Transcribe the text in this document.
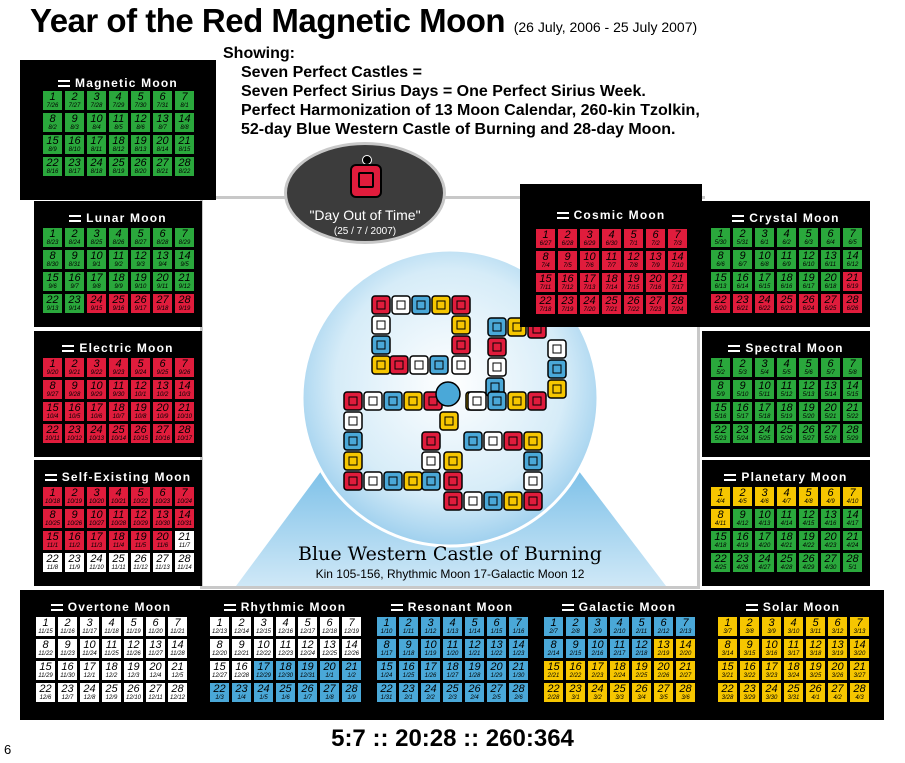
Year of the Red Magnetic Moon (26 July, 2006 - 25 July 2007)
Showing:
Seven Perfect Castles =
Seven Perfect Sirius Days = One Perfect Sirius Week.
Perfect Harmonization of 13 Moon Calendar, 260-kin Tzolkin,
52-day Blue Western Castle of Burning and 28-day Moon.
"Day Out of Time"
(25 / 7 / 2007)
Blue Western Castle of Burning
Kin 105-156, Rhythmic Moon 17-Galactic Moon 12
Magnetic Moon
1
7/26
2
7/27
3
7/28
4
7/29
5
7/30
6
7/31
7
8/1
8
8/2
9
8/3
10
8/4
11
8/5
12
8/6
13
8/7
14
8/8
15
8/9
16
8/10
17
8/11
18
8/12
19
8/13
20
8/14
21
8/15
22
8/16
23
8/17
24
8/18
25
8/19
26
8/20
27
8/21
28
8/22
Lunar Moon
1
8/23
2
8/24
3
8/25
4
8/26
5
8/27
6
8/28
7
8/29
8
8/30
9
8/31
10
9/1
11
9/2
12
9/3
13
9/4
14
9/5
15
9/6
16
9/7
17
9/8
18
9/9
19
9/10
20
9/11
21
9/12
22
9/13
23
9/14
24
9/15
25
9/16
26
9/17
27
9/18
28
9/19
Electric Moon
1
9/20
2
9/21
3
9/22
4
9/23
5
9/24
6
9/25
7
9/26
8
9/27
9
9/28
10
9/29
11
9/30
12
10/1
13
10/2
14
10/3
15
10/4
16
10/5
17
10/6
18
10/7
19
10/8
20
10/9
21
10/10
22
10/11
23
10/12
24
10/13
25
10/14
26
10/15
27
10/16
28
10/17
Self-Existing Moon
1
10/18
2
10/19
3
10/20
4
10/21
5
10/22
6
10/23
7
10/24
8
10/25
9
10/26
10
10/27
11
10/28
12
10/29
13
10/30
14
10/31
15
11/1
16
11/2
17
11/3
18
11/4
19
11/5
20
11/6
21
11/7
22
11/8
23
11/9
24
11/10
25
11/11
26
11/12
27
11/13
28
11/14
Overtone Moon
1
11/15
2
11/16
3
11/17
4
11/18
5
11/19
6
11/20
7
11/21
8
11/22
9
11/23
10
11/24
11
11/25
12
11/26
13
11/27
14
11/28
15
11/29
16
11/30
17
12/1
18
12/2
19
12/3
20
12/4
21
12/5
22
12/6
23
12/7
24
12/8
25
12/9
26
12/10
27
12/11
28
12/12
Rhythmic Moon
1
12/13
2
12/14
3
12/15
4
12/16
5
12/17
6
12/18
7
12/19
8
12/20
9
12/21
10
12/22
11
12/23
12
12/24
13
12/25
14
12/26
15
12/27
16
12/28
17
12/29
18
12/30
19
12/31
20
1/1
21
1/2
22
1/3
23
1/4
24
1/5
25
1/6
26
1/7
27
1/8
28
1/9
Resonant Moon
1
1/10
2
1/11
3
1/12
4
1/13
5
1/14
6
1/15
7
1/16
8
1/17
9
1/18
10
1/19
11
1/20
12
1/21
13
1/22
14
1/23
15
1/24
16
1/25
17
1/26
18
1/27
19
1/28
20
1/29
21
1/30
22
1/31
23
2/1
24
2/2
25
2/3
26
2/4
27
2/5
28
2/6
Galactic Moon
1
2/7
2
2/8
3
2/9
4
2/10
5
2/11
6
2/12
7
2/13
8
2/14
9
2/15
10
2/16
11
2/17
12
2/18
13
2/19
14
2/20
15
2/21
16
2/22
17
2/23
18
2/24
19
2/25
20
2/26
21
2/27
22
2/28
23
3/1
24
3/2
25
3/3
26
3/4
27
3/5
28
3/6
Solar Moon
1
3/7
2
3/8
3
3/9
4
3/10
5
3/11
6
3/12
7
3/13
8
3/14
9
3/15
10
3/16
11
3/17
12
3/18
13
3/19
14
3/20
15
3/21
16
3/22
17
3/23
18
3/24
19
3/25
20
3/26
21
3/27
22
3/28
23
3/29
24
3/30
25
3/31
26
4/1
27
4/2
28
4/3
Planetary Moon
1
4/4
2
4/5
3
4/6
4
4/7
5
4/8
6
4/9
7
4/10
8
4/11
9
4/12
10
4/13
11
4/14
12
4/15
13
4/16
14
4/17
15
4/18
16
4/19
17
4/20
18
4/21
19
4/22
20
4/23
21
4/24
22
4/25
23
4/26
24
4/27
25
4/28
26
4/29
27
4/30
28
5/1
Spectral Moon
1
5/2
2
5/3
3
5/4
4
5/5
5
5/6
6
5/7
7
5/8
8
5/9
9
5/10
10
5/11
11
5/12
12
5/13
13
5/14
14
5/15
15
5/16
16
5/17
17
5/18
18
5/19
19
5/20
20
5/21
21
5/22
22
5/23
23
5/24
24
5/25
25
5/26
26
5/27
27
5/28
28
5/29
Crystal Moon
1
5/30
2
5/31
3
6/1
4
6/2
5
6/3
6
6/4
7
6/5
8
6/6
9
6/7
10
6/8
11
6/9
12
6/10
13
6/11
14
6/12
15
6/13
16
6/14
17
6/15
18
6/16
19
6/17
20
6/18
21
6/19
22
6/20
23
6/21
24
6/22
25
6/23
26
6/24
27
6/25
28
6/26
Cosmic Moon
1
6/27
2
6/28
3
6/29
4
6/30
5
7/1
6
7/2
7
7/3
8
7/4
9
7/5
10
7/6
11
7/7
12
7/8
13
7/9
14
7/10
15
7/11
16
7/12
17
7/13
18
7/14
19
7/15
20
7/16
21
7/17
22
7/18
23
7/19
24
7/20
25
7/21
26
7/22
27
7/23
28
7/24
5:7 :: 20:28 :: 260:364
6
